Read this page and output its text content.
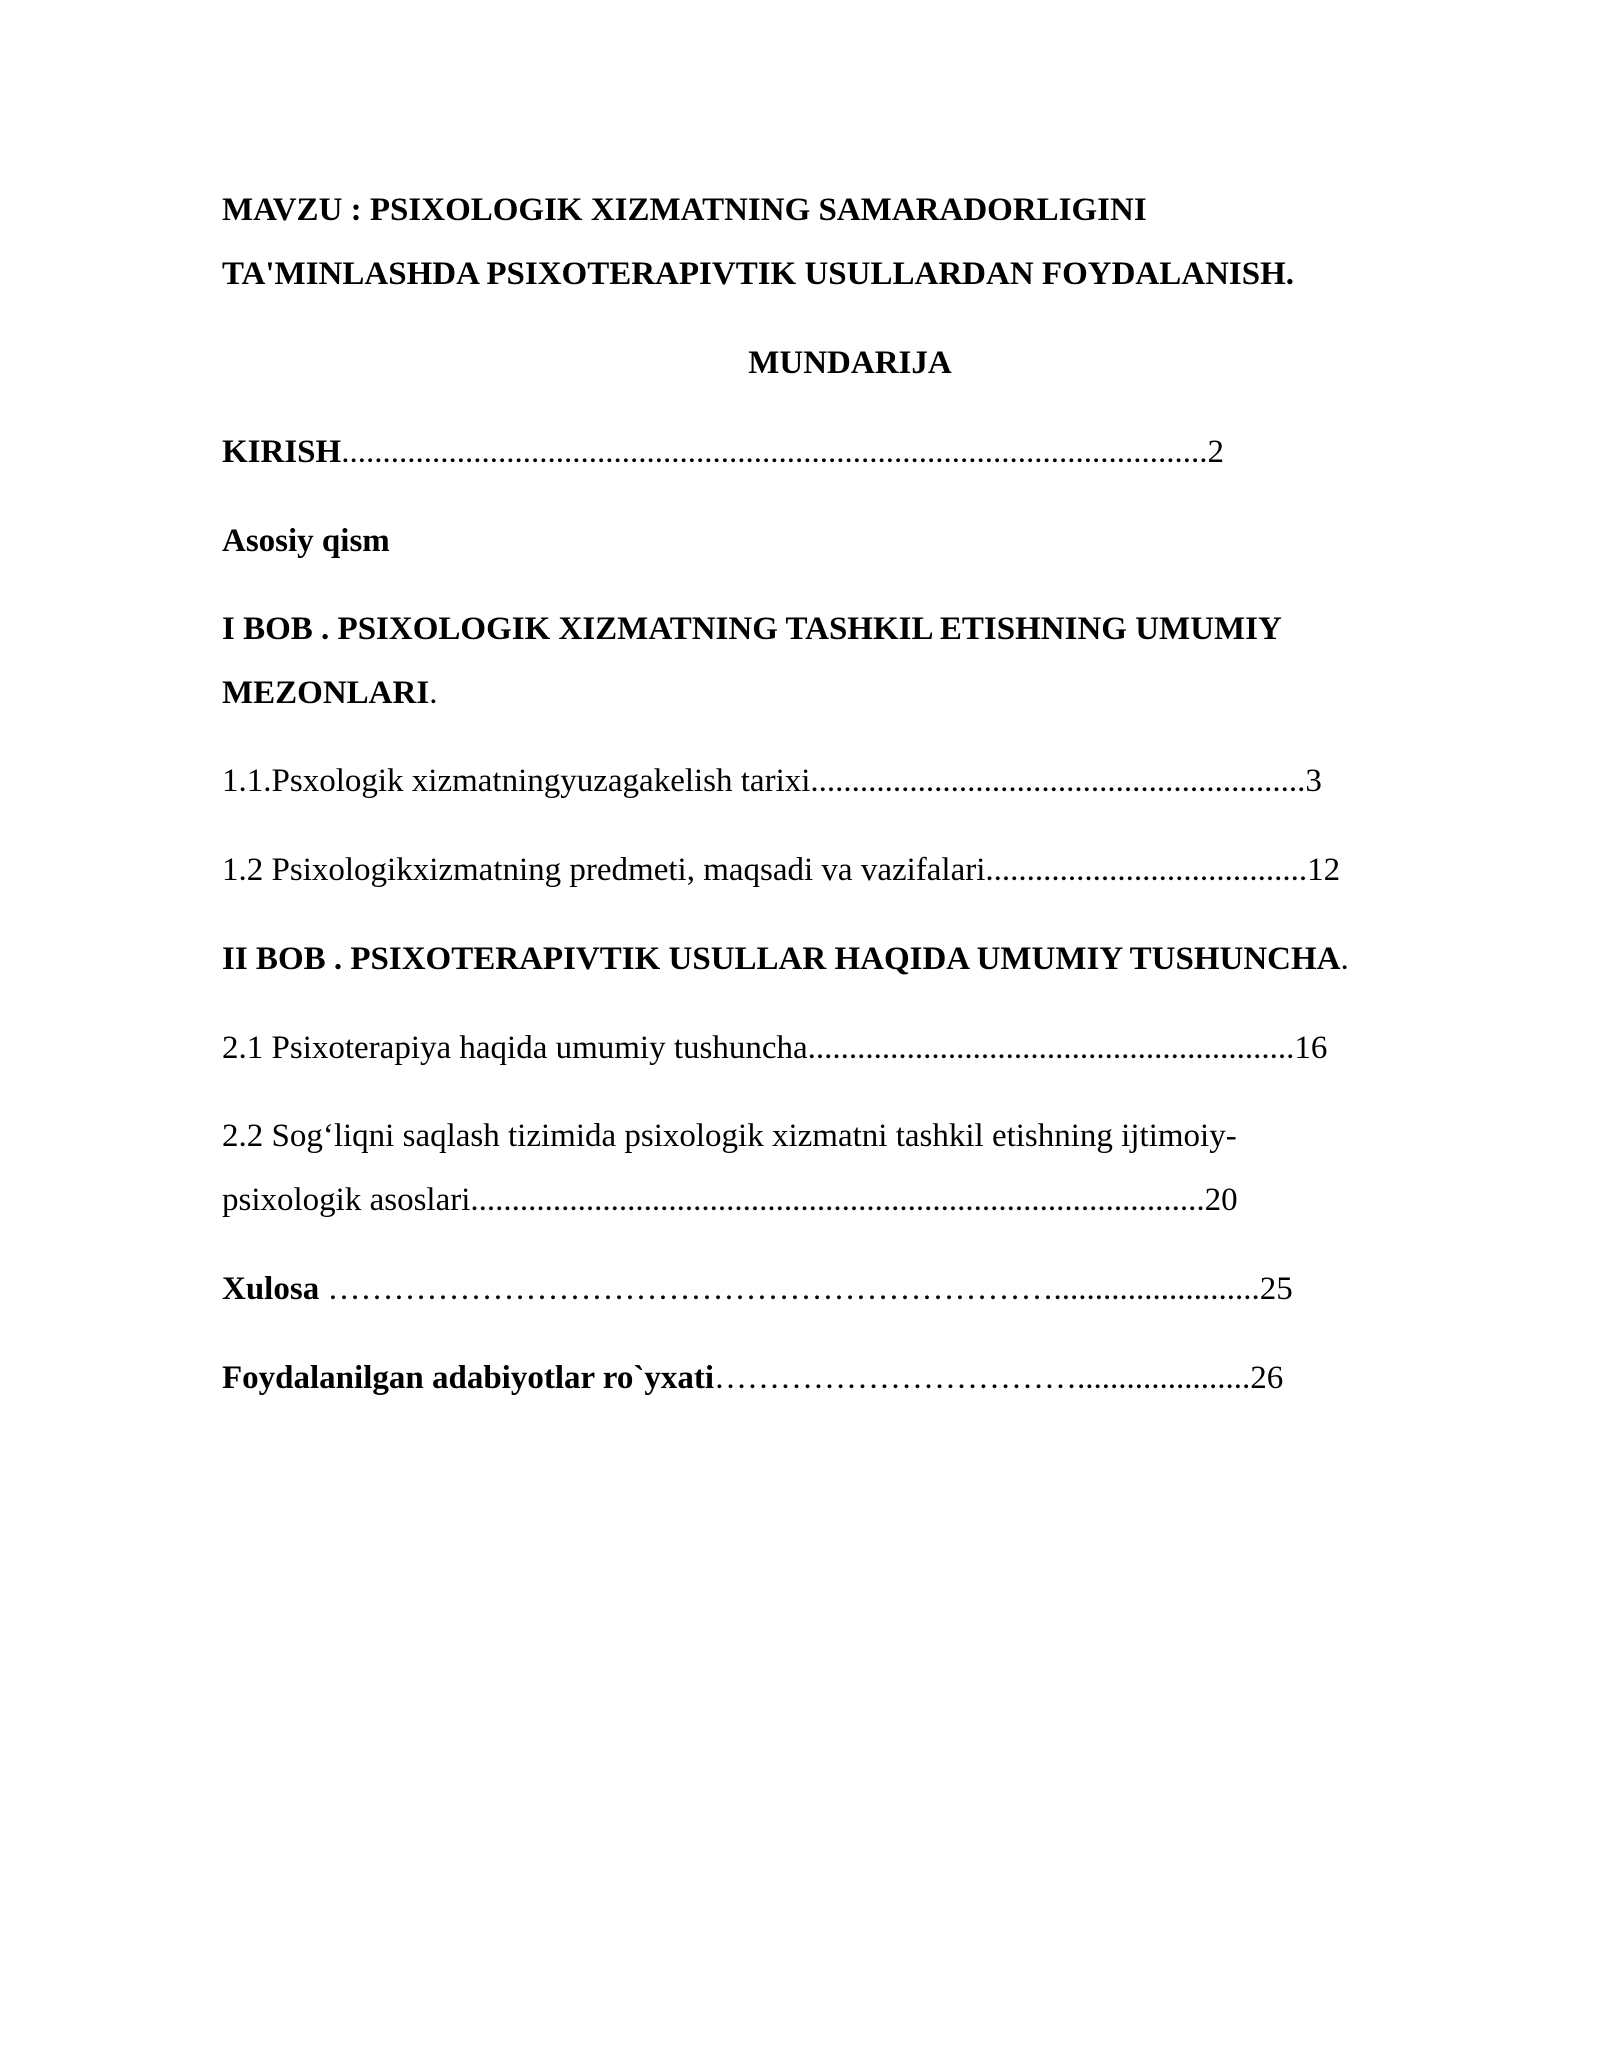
MAVZU : PSIXOLOGIK XIZMATNING SAMARADORLIGINI

TA'MINLASHDA PSIXOTERAPIVTIK USULLARDAN FOYDALANISH.

MUNDARIJA

KIRISH.........................................................................................................2

Asosiy qism

I BOB . PSIXOLOGIK XIZMATNING TASHKIL ETISHNING UMUMIY

MEZONLARI.

1.1.Psxologik xizmatningyuzagakelish tarixi............................................................3

1.2 Psixologikxizmatning predmeti, maqsadi va vazifalari.......................................12

II BOB . PSIXOTERAPIVTIK USULLAR HAQIDA UMUMIY TUSHUNCHA.

2.1 Psixoterapiya haqida umumiy tushuncha...........................................................16

2.2 Sog‘liqni saqlash tizimida psixologik xizmatni tashkil etishning ijtimoiy-

psixologik asoslari.........................................................................................20

Xulosa ………………………………………………………….........................25

Foydalanilgan adabiyotlar ro`yxati…………………………….....................26
